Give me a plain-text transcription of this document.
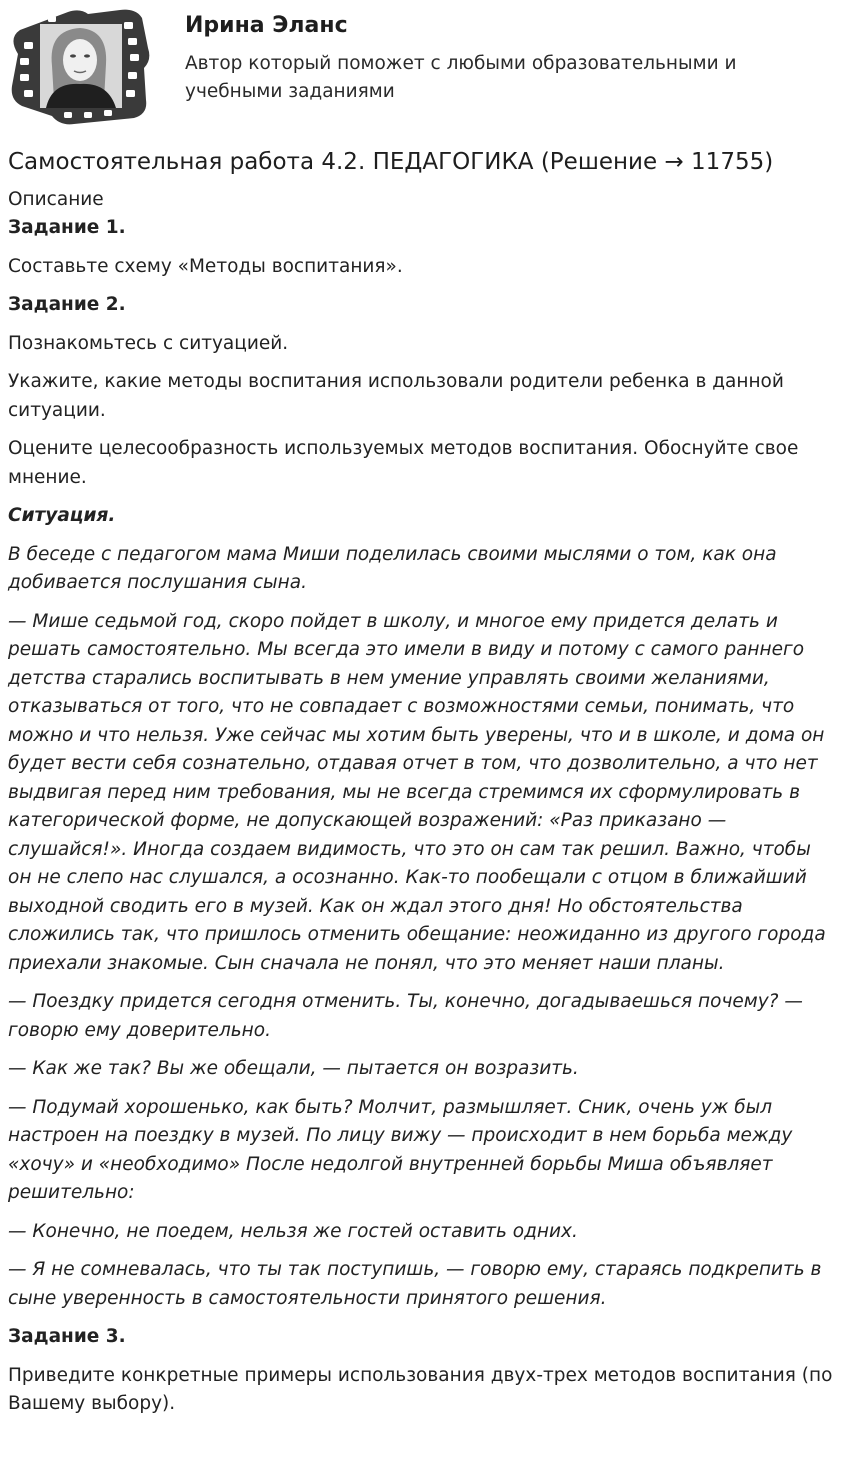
Ирина Эланс
Автор который поможет с любыми образовательными и учебными заданиями
Самостоятельная работа 4.2. ПЕДАГОГИКА (Решение → 11755)
Описание

Задание 1.

Составьте схему «Методы воспитания».

Задание 2.

Познакомьтесь с ситуацией.

Укажите, какие методы воспитания использовали родители ребенка в данной ситуации.

Оцените целесообразность используемых методов воспитания. Обоснуйте свое мнение.

Ситуация.

В беседе с педагогом мама Миши поделилась своими мыслями о том, как она добивается послушания сына.

— Мише седьмой год, скоро пойдет в школу, и многое ему придется делать и решать самостоятельно. Мы всегда это имели в виду и потому с самого раннего детства старались воспитывать в нем умение управлять своими желаниями, отказываться от того, что не совпадает с возможностями семьи, понимать, что можно и что нельзя. Уже сейчас мы хотим быть уверены, что и в школе, и дома он будет вести себя сознательно, отдавая отчет в том, что дозволительно, а что нет выдвигая перед ним требования, мы не всегда стремимся их сформулировать в категорической форме, не допускающей возражений: «Раз приказано — слушайся!». Иногда создаем видимость, что это он сам так решил. Важно, чтобы он не слепо нас слушался, а осознанно. Как-то пообещали с отцом в ближайший выходной сводить его в музей. Как он ждал этого дня! Но обстоятельства сложились так, что пришлось отменить обещание: неожиданно из другого города приехали знакомые. Сын сначала не понял, что это меняет наши планы.

— Поездку придется сегодня отменить. Ты, конечно, догадываешься почему? — говорю ему доверительно.

— Как же так? Вы же обещали, — пытается он возразить.

— Подумай хорошенько, как быть? Молчит, размышляет. Сник, очень уж был настроен на поездку в музей. По лицу вижу — происходит в нем борьба между «хочу» и «необходимо» После недолгой внутренней борьбы Миша объявляет решительно:

— Конечно, не поедем, нельзя же гостей оставить одних.

— Я не сомневалась, что ты так поступишь, — говорю ему, стараясь подкрепить в сыне уверенность в самостоятельности принятого решения.

Задание 3.

Приведите конкретные примеры использования двух-трех методов воспитания (по Вашему выбору).
